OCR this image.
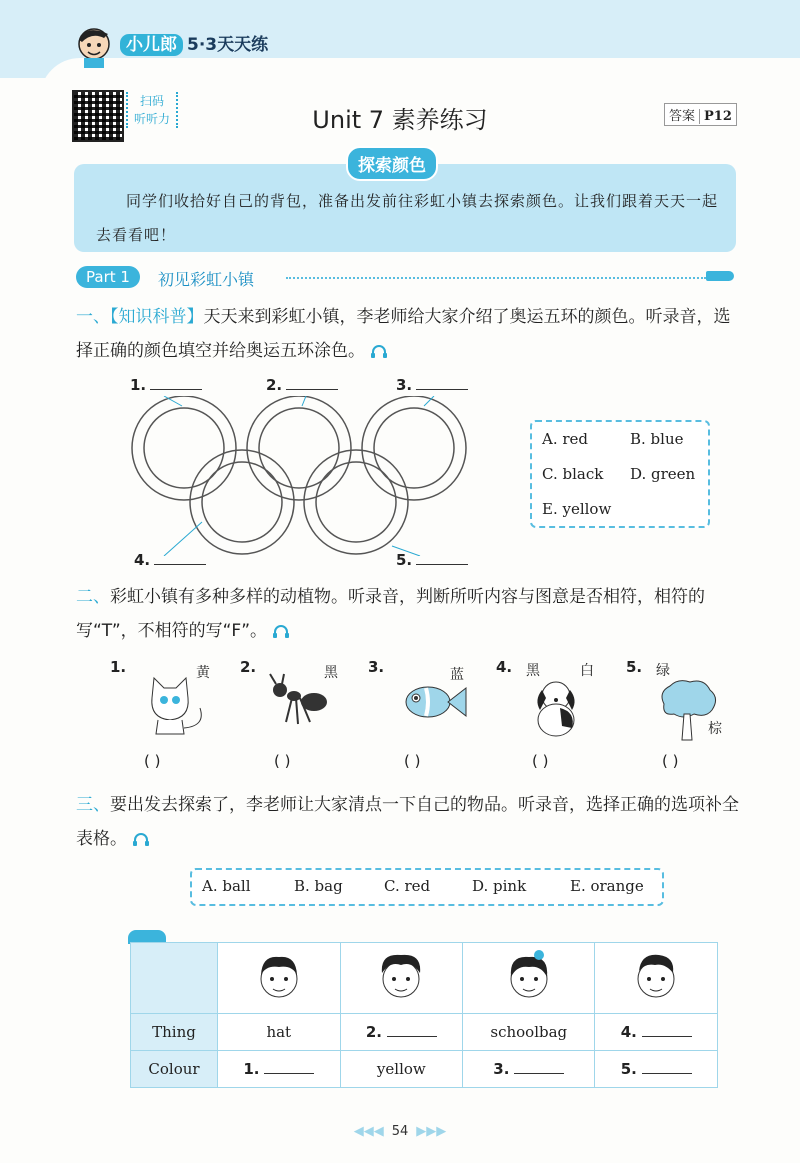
小儿郎 5·3天天练
扫码
听听力	Unit 7 素养练习	答案 P12
探索颜色
同学们收拾好自己的背包，准备出发前往彩虹小镇去探索颜色。让我们跟着天天一起去看看吧！
Part 1	初见彩虹小镇
一、【知识科普】天天来到彩虹小镇，李老师给大家介绍了奥运五环的颜色。听录音，选择正确的颜色填空并给奥运五环涂色。
1.	2.	3.
4.	5.
A. red	B. blue
C. black D. green
E. yellow
二、彩虹小镇有多种多样的动植物。听录音，判断所听内容与图意是否相符，相符的写“T”，不相符的写“F”。
1.	黄 2.	黑 3.	蓝 4. 黑	白 5. 绿
棕
( )	( )	( )	( )	( )
三、要出发去探索了，李老师让大家清点一下自己的物品。听录音，选择正确的选项补全表格。
A. ball	B. bag	C. red	D. pink	E. orange

Thing	hat	2.	schoolbag	4.
Colour	1.	yellow	3.	5.
◀◀◀ 54 ▶▶▶
